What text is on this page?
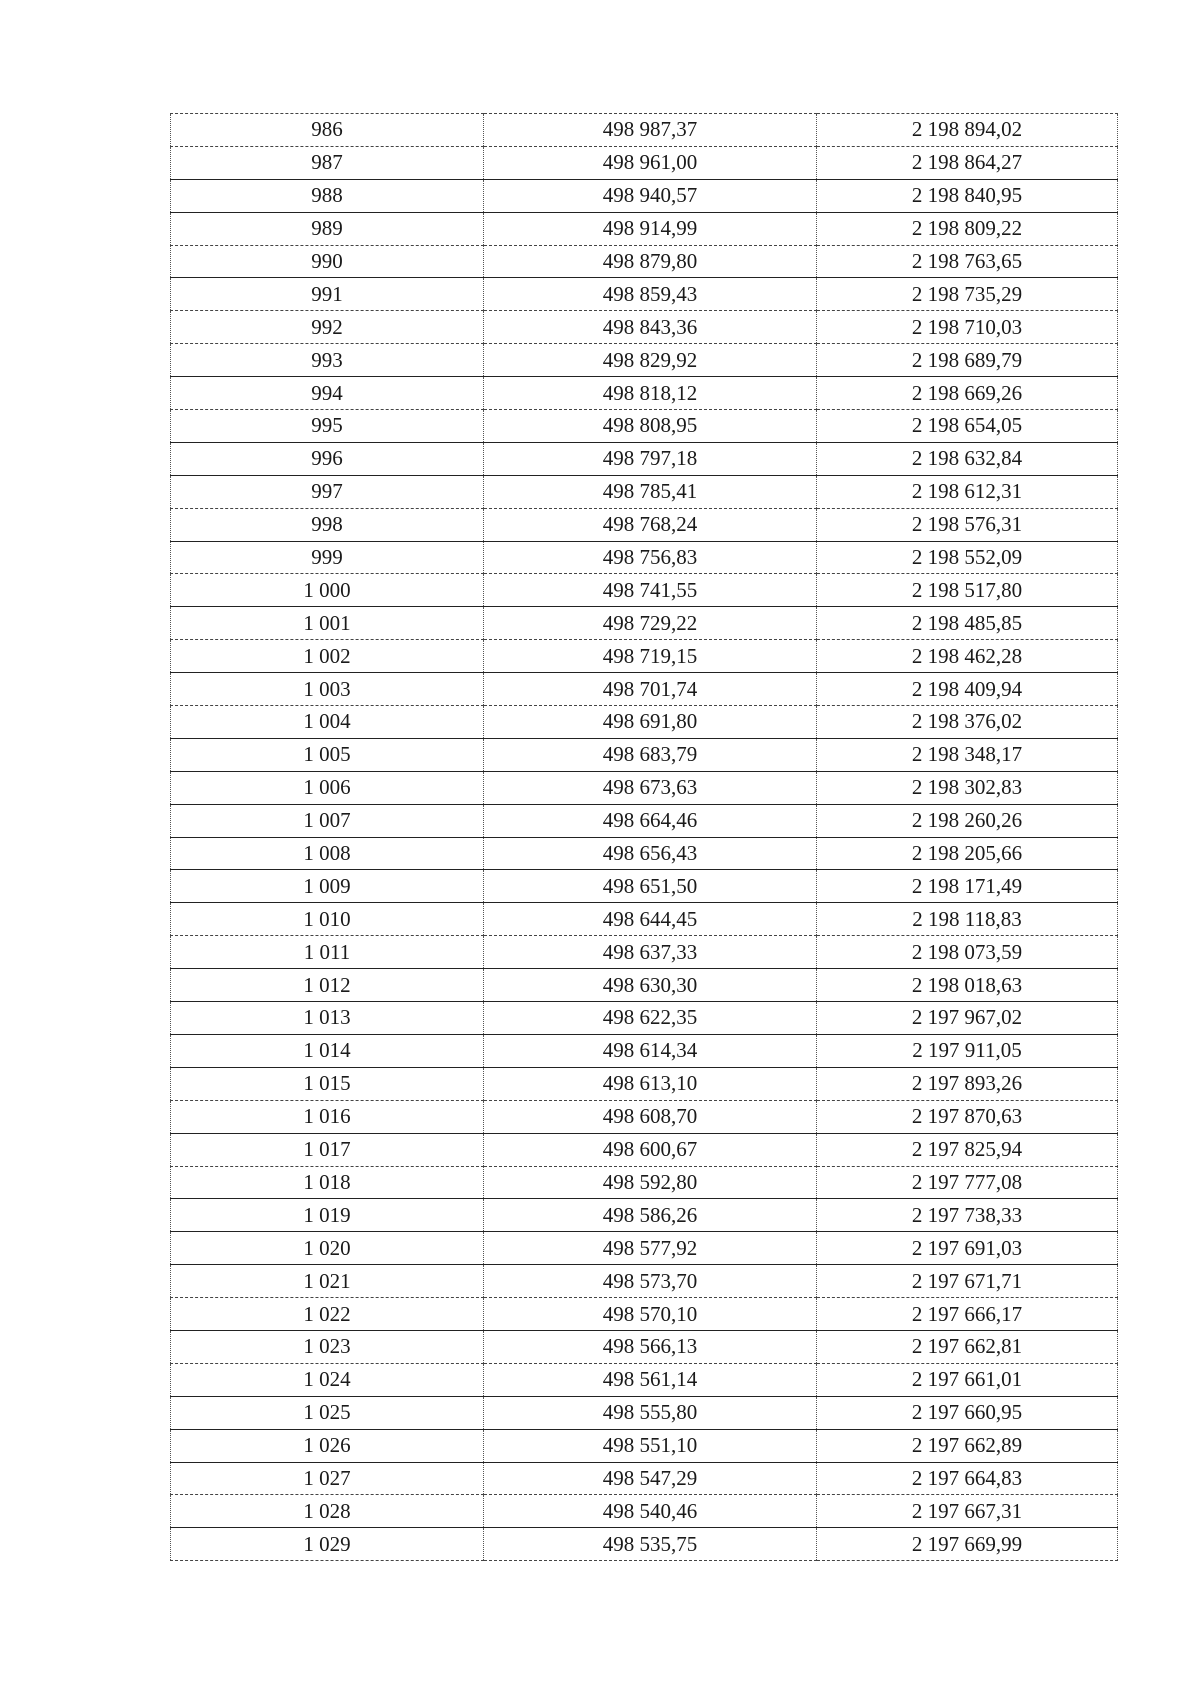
986	498 987,37	2 198 894,02
987	498 961,00	2 198 864,27
988	498 940,57	2 198 840,95
989	498 914,99	2 198 809,22
990	498 879,80	2 198 763,65
991	498 859,43	2 198 735,29
992	498 843,36	2 198 710,03
993	498 829,92	2 198 689,79
994	498 818,12	2 198 669,26
995	498 808,95	2 198 654,05
996	498 797,18	2 198 632,84
997	498 785,41	2 198 612,31
998	498 768,24	2 198 576,31
999	498 756,83	2 198 552,09
1 000	498 741,55	2 198 517,80
1 001	498 729,22	2 198 485,85
1 002	498 719,15	2 198 462,28
1 003	498 701,74	2 198 409,94
1 004	498 691,80	2 198 376,02
1 005	498 683,79	2 198 348,17
1 006	498 673,63	2 198 302,83
1 007	498 664,46	2 198 260,26
1 008	498 656,43	2 198 205,66
1 009	498 651,50	2 198 171,49
1 010	498 644,45	2 198 118,83
1 011	498 637,33	2 198 073,59
1 012	498 630,30	2 198 018,63
1 013	498 622,35	2 197 967,02
1 014	498 614,34	2 197 911,05
1 015	498 613,10	2 197 893,26
1 016	498 608,70	2 197 870,63
1 017	498 600,67	2 197 825,94
1 018	498 592,80	2 197 777,08
1 019	498 586,26	2 197 738,33
1 020	498 577,92	2 197 691,03
1 021	498 573,70	2 197 671,71
1 022	498 570,10	2 197 666,17
1 023	498 566,13	2 197 662,81
1 024	498 561,14	2 197 661,01
1 025	498 555,80	2 197 660,95
1 026	498 551,10	2 197 662,89
1 027	498 547,29	2 197 664,83
1 028	498 540,46	2 197 667,31
1 029	498 535,75	2 197 669,99
